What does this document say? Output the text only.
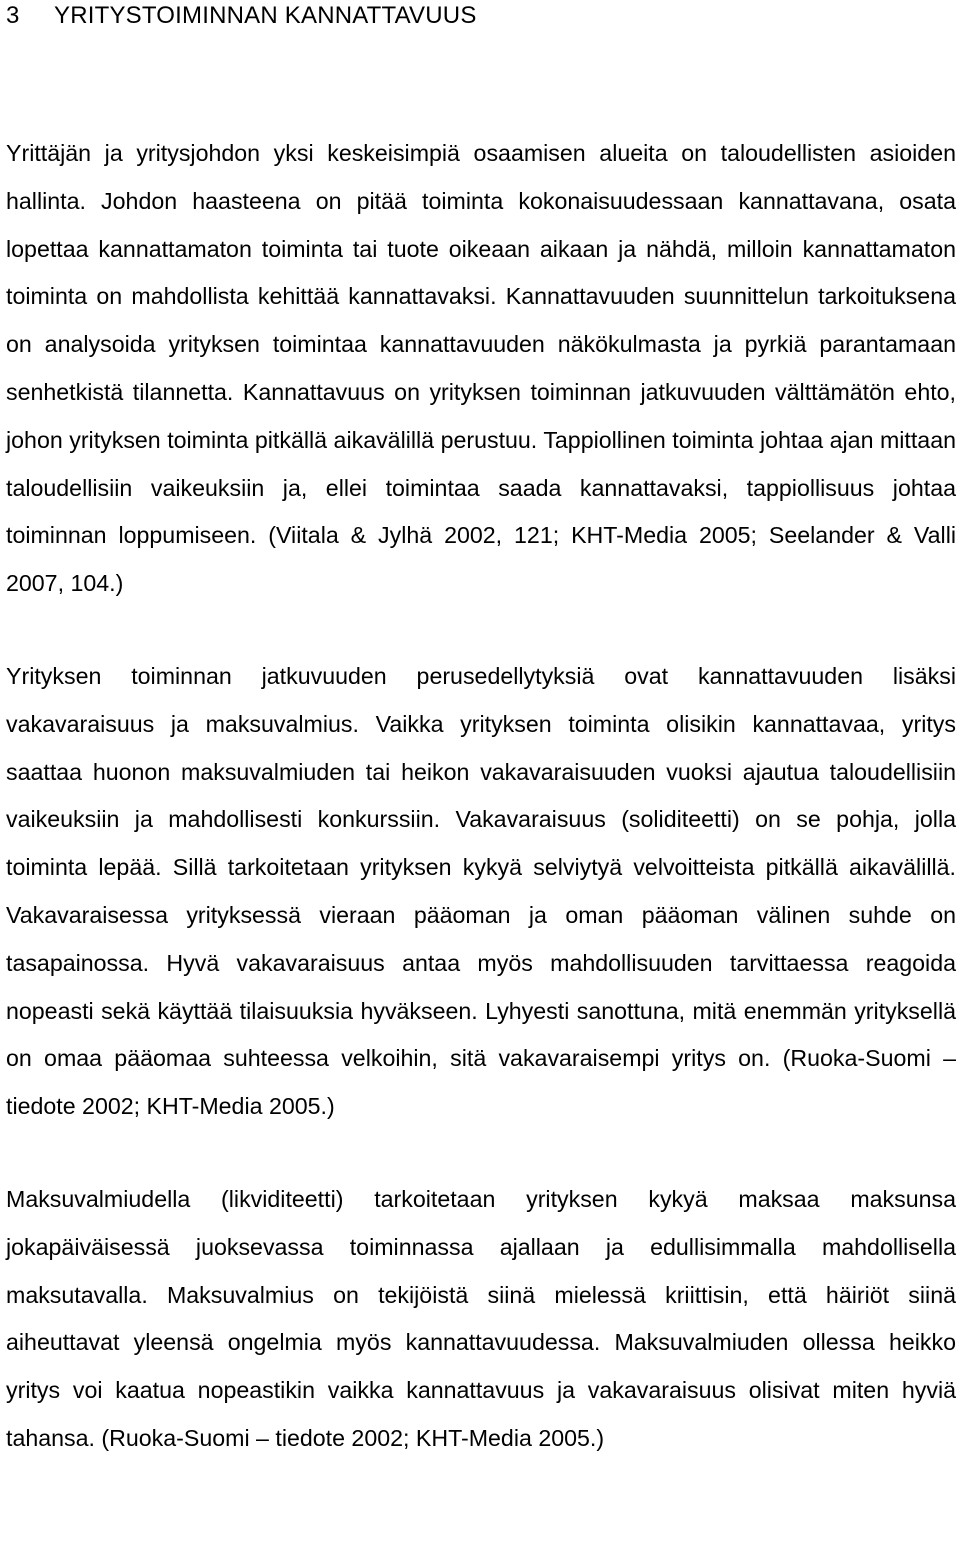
3 YRITYSTOIMINNAN KANNATTAVUUS

Yrittäjän ja yritysjohdon yksi keskeisimpiä osaamisen alueita on taloudellisten asioiden hallinta. Johdon haasteena on pitää toiminta kokonaisuudessaan kannattavana, osata lopettaa kannattamaton toiminta tai tuote oikeaan aikaan ja nähdä, milloin kannattamaton toiminta on mahdollista kehittää kannattavaksi. Kannattavuuden suunnittelun tarkoituksena on analysoida yrityksen toimintaa kannattavuuden näkökulmasta ja pyrkiä parantamaan senhetkistä tilannetta. Kannattavuus on yrityksen toiminnan jatkuvuuden välttämätön ehto, johon yrityksen toiminta pitkällä aikavälillä perustuu. Tappiollinen toiminta johtaa ajan mittaan taloudellisiin vaikeuksiin ja, ellei toimintaa saada kannattavaksi, tappiollisuus johtaa toiminnan loppumiseen. (Viitala & Jylhä 2002, 121; KHT-Media 2005; Seelander & Valli 2007, 104.)

Yrityksen toiminnan jatkuvuuden perusedellytyksiä ovat kannattavuuden lisäksi vakavaraisuus ja maksuvalmius. Vaikka yrityksen toiminta olisikin kannattavaa, yritys saattaa huonon maksuvalmiuden tai heikon vakavaraisuuden vuoksi ajautua taloudellisiin vaikeuksiin ja mahdollisesti konkurssiin. Vakavaraisuus (soliditeetti) on se pohja, jolla toiminta lepää. Sillä tarkoitetaan yrityksen kykyä selviytyä velvoitteista pitkällä aikavälillä. Vakavaraisessa yrityksessä vieraan pääoman ja oman pääoman välinen suhde on tasapainossa. Hyvä vakavaraisuus antaa myös mahdollisuuden tarvittaessa reagoida nopeasti sekä käyttää tilaisuuksia hyväkseen. Lyhyesti sanottuna, mitä enemmän yrityksellä on omaa pääomaa suhteessa velkoihin, sitä vakavaraisempi yritys on. (Ruoka-Suomi – tiedote 2002; KHT-Media 2005.)

Maksuvalmiudella (likviditeetti) tarkoitetaan yrityksen kykyä maksaa maksunsa jokapäiväisessä juoksevassa toiminnassa ajallaan ja edullisimmalla mahdollisella maksutavalla. Maksuvalmius on tekijöistä siinä mielessä kriittisin, että häiriöt siinä aiheuttavat yleensä ongelmia myös kannattavuudessa. Maksuvalmiuden ollessa heikko yritys voi kaatua nopeastikin vaikka kannattavuus ja vakavaraisuus olisivat miten hyviä tahansa. (Ruoka-Suomi – tiedote 2002; KHT-Media 2005.)
